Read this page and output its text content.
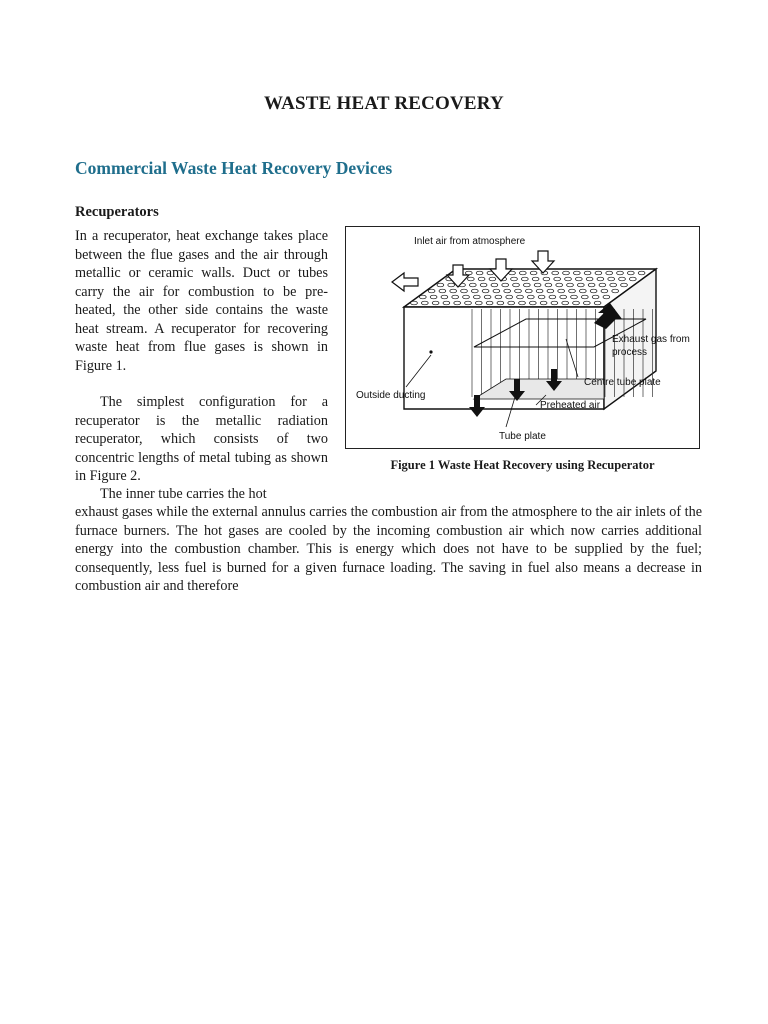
WASTE HEAT RECOVERY
Commercial Waste Heat Recovery Devices
Recuperators
In a recuperator, heat exchange takes place between the flue gases and the air through metallic or ceramic walls. Duct or tubes carry the air for combustion to be pre-heated, the other side contains the waste heat stream. A recuperator for recovering waste heat from flue gases is shown in Figure 1.
The simplest configuration for a recuperator is the metallic radiation recuperator, which consists of two concentric lengths of metal tubing as shown in Figure 2.
The inner tube carries the hot
exhaust gases while the external annulus carries the combustion air from the atmosphere to the air inlets of the furnace burners. The hot gases are cooled by the incoming combustion air which now carries additional energy into the combustion chamber. This is energy which does not have to be supplied by the fuel; consequently, less fuel is burned for a given furnace loading. The saving in fuel also means a decrease in combustion air and therefore
Inlet air from atmosphere
Exhaust gas from
process
Centre tube plate
Outside ducting
Preheated air
Tube plate
Figure 1 Waste Heat Recovery using Recuperator
